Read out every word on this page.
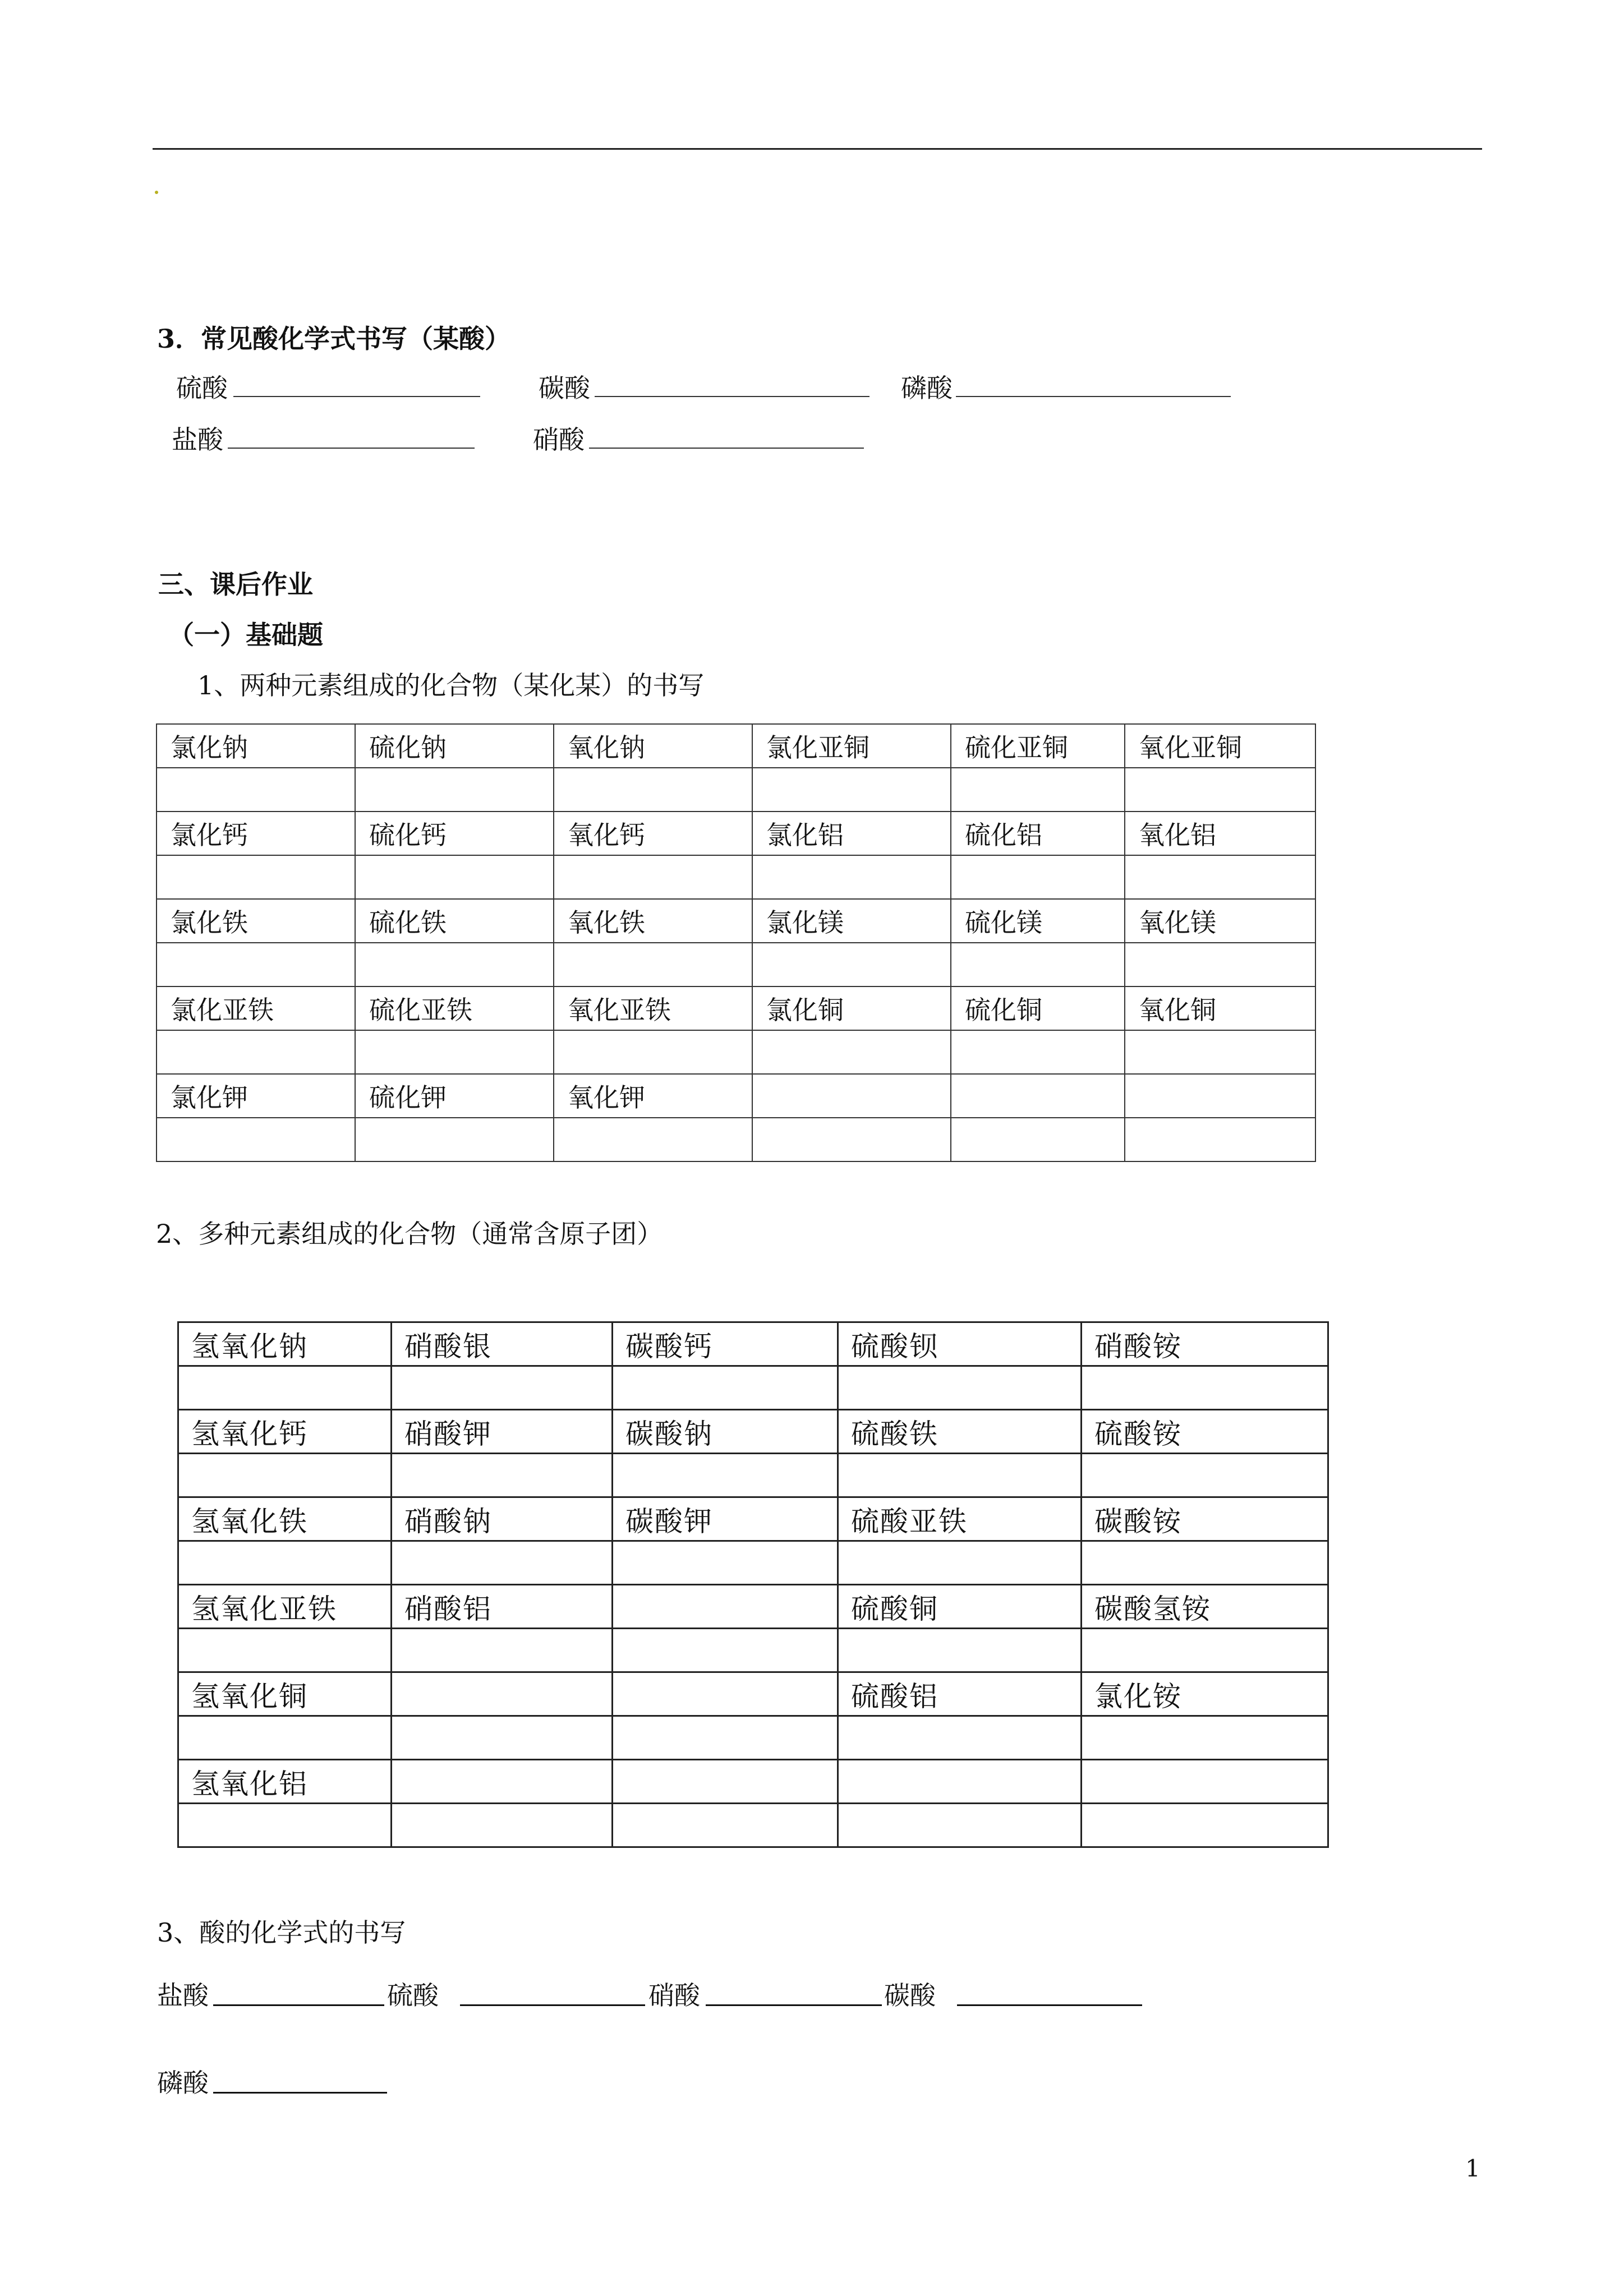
3．常见酸化学式书写（某酸）
硫酸	碳酸	磷酸
盐酸	硝酸
三、课后作业
（一）基础题
1、两种元素组成的化合物（某化某）的书写
氯化钠	硫化钠	氧化钠	氯化亚铜	硫化亚铜	氧化亚铜

氯化钙	硫化钙	氧化钙	氯化铝	硫化铝	氧化铝

氯化铁	硫化铁	氧化铁	氯化镁	硫化镁	氧化镁

氯化亚铁	硫化亚铁	氧化亚铁	氯化铜	硫化铜	氧化铜

氯化钾	硫化钾	氧化钾			

2、多种元素组成的化合物（通常含原子团）
氢氧化钠	硝酸银	碳酸钙	硫酸钡	硝酸铵

氢氧化钙	硝酸钾	碳酸钠	硫酸铁	硫酸铵

氢氧化铁	硝酸钠	碳酸钾	硫酸亚铁	碳酸铵

氢氧化亚铁	硝酸铝		硫酸铜	碳酸氢铵

氢氧化铜			硫酸铝	氯化铵

氢氧化铝				

3、酸的化学式的书写
盐酸	硫酸	硝酸	碳酸
磷酸
1
